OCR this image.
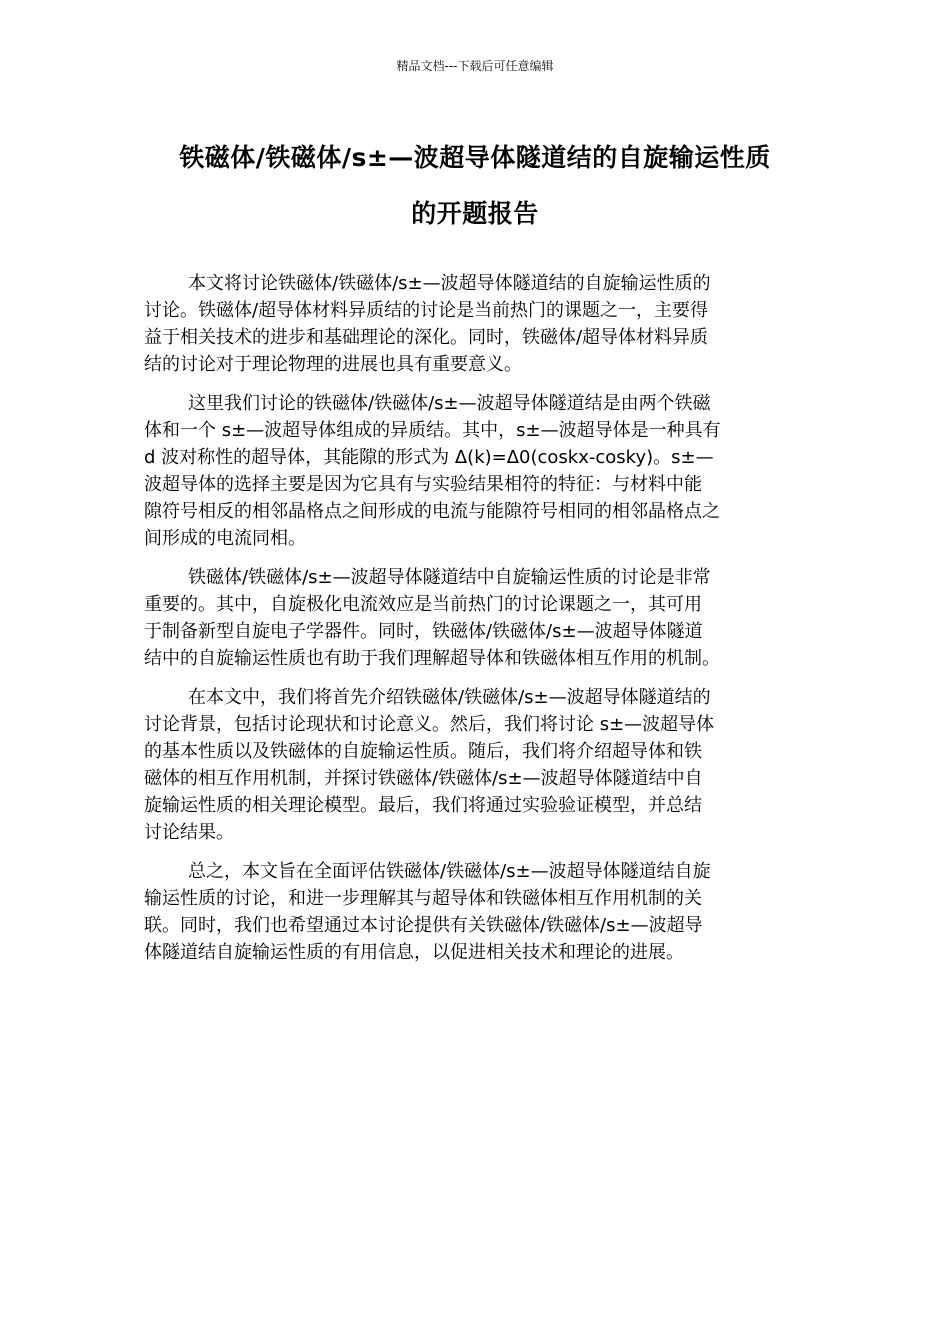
精品文档---下载后可任意编辑
铁磁体/铁磁体/s±—波超导体隧道结的自旋输运性质
的开题报告
本文将讨论铁磁体/铁磁体/s±—波超导体隧道结的自旋输运性质的
讨论。铁磁体/超导体材料异质结的讨论是当前热门的课题之一，主要得
益于相关技术的进步和基础理论的深化。同时，铁磁体/超导体材料异质
结的讨论对于理论物理的进展也具有重要意义。
这里我们讨论的铁磁体/铁磁体/s±—波超导体隧道结是由两个铁磁
体和一个 s±—波超导体组成的异质结。其中，s±—波超导体是一种具有
d 波对称性的超导体，其能隙的形式为 Δ(k)=Δ0(coskx-cosky)。s±—
波超导体的选择主要是因为它具有与实验结果相符的特征：与材料中能
隙符号相反的相邻晶格点之间形成的电流与能隙符号相同的相邻晶格点之
间形成的电流同相。
铁磁体/铁磁体/s±—波超导体隧道结中自旋输运性质的讨论是非常
重要的。其中，自旋极化电流效应是当前热门的讨论课题之一，其可用
于制备新型自旋电子学器件。同时，铁磁体/铁磁体/s±—波超导体隧道
结中的自旋输运性质也有助于我们理解超导体和铁磁体相互作用的机制。
在本文中，我们将首先介绍铁磁体/铁磁体/s±—波超导体隧道结的
讨论背景，包括讨论现状和讨论意义。然后，我们将讨论 s±—波超导体
的基本性质以及铁磁体的自旋输运性质。随后，我们将介绍超导体和铁
磁体的相互作用机制，并探讨铁磁体/铁磁体/s±—波超导体隧道结中自
旋输运性质的相关理论模型。最后，我们将通过实验验证模型，并总结
讨论结果。
总之，本文旨在全面评估铁磁体/铁磁体/s±—波超导体隧道结自旋
输运性质的讨论，和进一步理解其与超导体和铁磁体相互作用机制的关
联。同时，我们也希望通过本讨论提供有关铁磁体/铁磁体/s±—波超导
体隧道结自旋输运性质的有用信息，以促进相关技术和理论的进展。
